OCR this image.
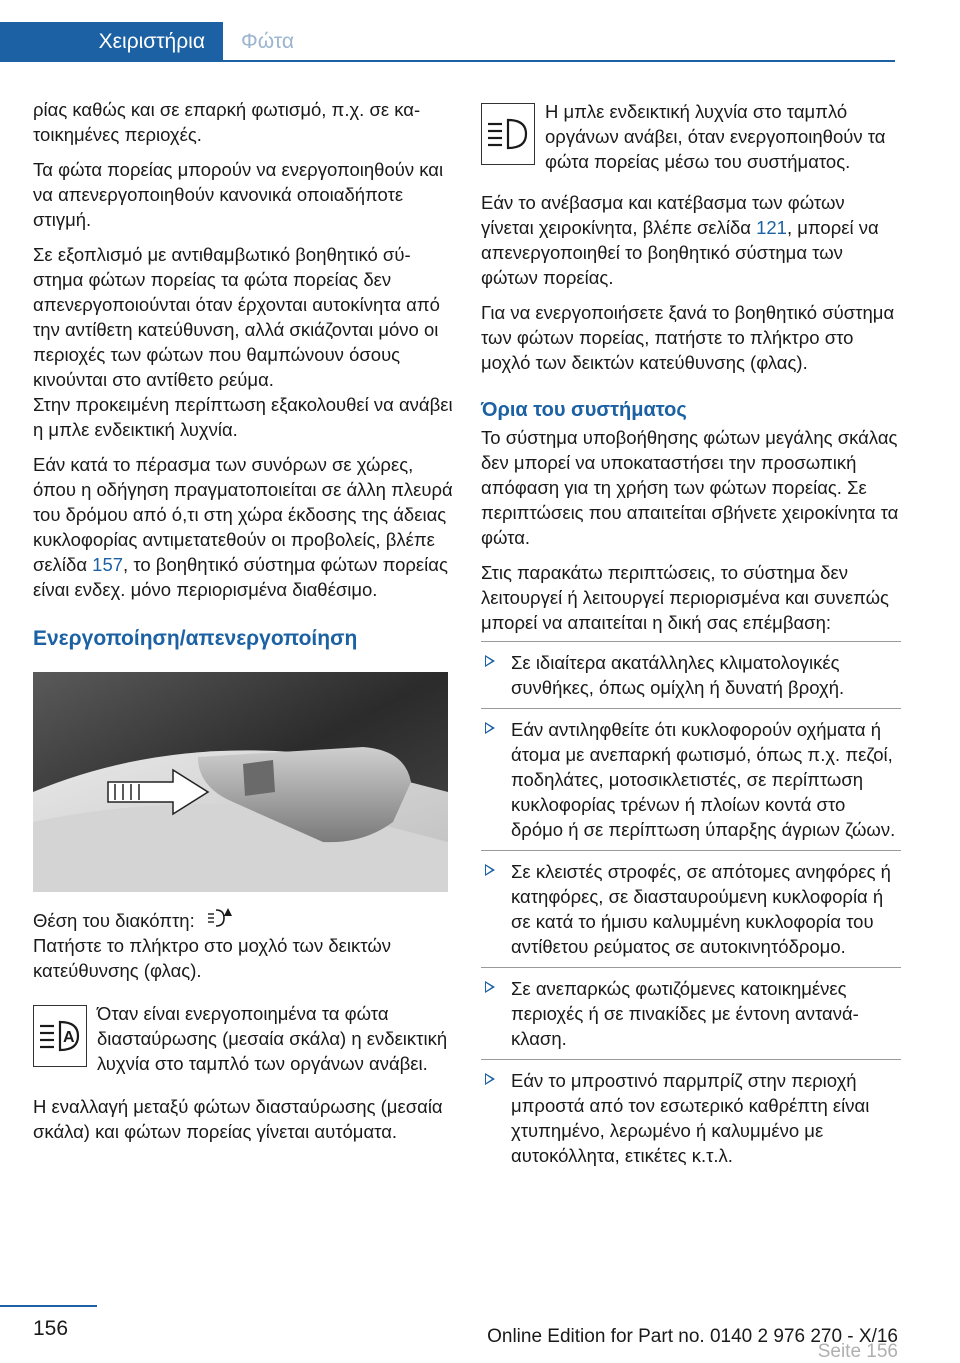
Χειριστήρια	Φώτα

ρίας καθώς και σε επαρκή φωτισμό, π.χ. σε κατοικημένες περιοχές.

Τα φώτα πορείας μπορούν να ενεργοποιηθούν και να απενεργοποιηθούν κανονικά οποιαδήποτε στιγμή.

Σε εξοπλισμό με αντιθαμβωτικό βοηθητικό σύστημα φώτων πορείας τα φώτα πορείας δεν απενεργοποιούνται όταν έρχονται αυτοκίνητα από την αντίθετη κατεύθυνση, αλλά σκιάζονται μόνο οι περιοχές των φώτων που θαμπώνουν όσους κινούνται στο αντίθετο ρεύμα.

Στην προκειμένη περίπτωση εξακολουθεί να ανάβει η μπλε ενδεικτική λυχνία.

Εάν κατά το πέρασμα των συνόρων σε χώρες, όπου η οδήγηση πραγματοποιείται σε άλλη πλευρά του δρόμου από ό,τι στη χώρα έκδοσης της άδειας κυκλοφορίας αντιμετατεθούν οι προβολείς, βλέπε σελίδα 157, το βοηθητικό σύστημα φώτων πορείας είναι ενδεχ. μόνο περιορισμένα διαθέσιμο.

Ενεργοποίηση/απενεργοποίηση

Θέση του διακόπτη:

Πατήστε το πλήκτρο στο μοχλό των δεικτών κατεύθυνσης (φλας).

A
Όταν είναι ενεργοποιημένα τα φώτα διασταύρωσης (μεσαία σκάλα) η ενδεικτική λυχνία στο ταμπλό των οργάνων ανάβει.

Η εναλλαγή μεταξύ φώτων διασταύρωσης (μεσαία σκάλα) και φώτων πορείας γίνεται αυτόματα.

Η μπλε ενδεικτική λυχνία στο ταμπλό οργάνων ανάβει, όταν ενεργοποιηθούν τα φώτα πορείας μέσω του συστήματος.

Εάν το ανέβασμα και κατέβασμα των φώτων γίνεται χειροκίνητα, βλέπε σελίδα 121, μπορεί να απενεργοποιηθεί το βοηθητικό σύστημα των φώτων πορείας.

Για να ενεργοποιήσετε ξανά το βοηθητικό σύστημα των φώτων πορείας, πατήστε το πλήκτρο στο μοχλό των δεικτών κατεύθυνσης (φλας).

Όρια του συστήματος

Το σύστημα υποβοήθησης φώτων μεγάλης σκάλας δεν μπορεί να υποκαταστήσει την προσωπική απόφαση για τη χρήση των φώτων πορείας. Σε περιπτώσεις που απαιτείται σβήνετε χειροκίνητα τα φώτα.

Στις παρακάτω περιπτώσεις, το σύστημα δεν λειτουργεί ή λειτουργεί περιορισμένα και συνεπώς μπορεί να απαιτείται η δική σας επέμβαση:

Σε ιδιαίτερα ακατάλληλες κλιματολογικές συνθήκες, όπως ομίχλη ή δυνατή βροχή.
Εάν αντιληφθείτε ότι κυκλοφορούν οχήματα ή άτομα με ανεπαρκή φωτισμό, όπως π.χ. πεζοί, ποδηλάτες, μοτοσικλετιστές, σε περίπτωση κυκλοφορίας τρένων ή πλοίων κοντά στο δρόμο ή σε περίπτωση ύπαρξης άγριων ζώων.
Σε κλειστές στροφές, σε απότομες ανηφόρες ή κατηφόρες, σε διασταυρούμενη κυκλοφορία ή σε κατά το ήμισυ καλυμμένη κυκλοφορία του αντίθετου ρεύματος σε αυτοκινητόδρομο.
Σε ανεπαρκώς φωτιζόμενες κατοικημένες περιοχές ή σε πινακίδες με έντονη αντανάκλαση.
Εάν το μπροστινό παρμπρίζ στην περιοχή μπροστά από τον εσωτερικό καθρέπτη είναι χτυπημένο, λερωμένο ή καλυμμένο με αυτοκόλλητα, ετικέτες κ.τ.λ.
156
Seite 156
Online Edition for Part no. 0140 2 976 270 - X/16
